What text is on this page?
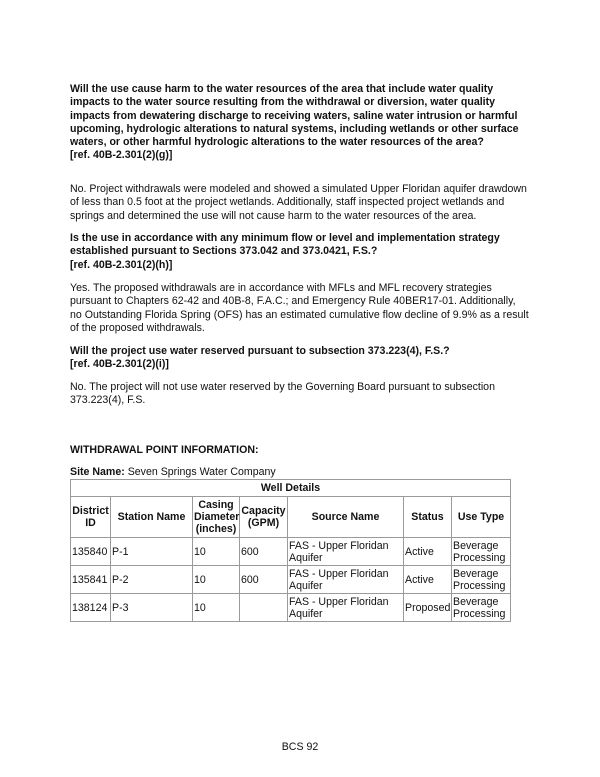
Will the use cause harm to the water resources of the area that include water quality impacts to the water source resulting from the withdrawal or diversion, water quality impacts from dewatering discharge to receiving waters, saline water intrusion or harmful upcoming, hydrologic alterations to natural systems, including wetlands or other surface waters, or other harmful hydrologic alterations to the water resources of the area?
[ref. 40B-2.301(2)(g)]

No. Project withdrawals were modeled and showed a simulated Upper Floridan aquifer drawdown of less than 0.5 foot at the project wetlands. Additionally, staff inspected project wetlands and springs and determined the use will not cause harm to the water resources of the area.

Is the use in accordance with any minimum flow or level and implementation strategy established pursuant to Sections 373.042 and 373.0421, F.S.?
[ref. 40B-2.301(2)(h)]

Yes. The proposed withdrawals are in accordance with MFLs and MFL recovery strategies pursuant to Chapters 62-42 and 40B-8, F.A.C.; and Emergency Rule 40BER17-01. Additionally, no Outstanding Florida Spring (OFS) has an estimated cumulative flow decline of 9.9% as a result of the proposed withdrawals.

Will the project use water reserved pursuant to subsection 373.223(4), F.S.?
[ref. 40B-2.301(2)(i)]

No. The project will not use water reserved by the Governing Board pursuant to subsection 373.223(4), F.S.

WITHDRAWAL POINT INFORMATION:

Site Name: Seven Springs Water Company

Well Details						
District ID	Station Name	Casing Diameter (inches)	Capacity (GPM)	Source Name	Status	Use Type
135840	P-1	10	600	FAS - Upper Floridan Aquifer	Active	Beverage Processing
135841	P-2	10	600	FAS - Upper Floridan Aquifer	Active	Beverage Processing
138124	P-3	10		FAS - Upper Floridan Aquifer	Proposed	Beverage Processing

BCS 92
